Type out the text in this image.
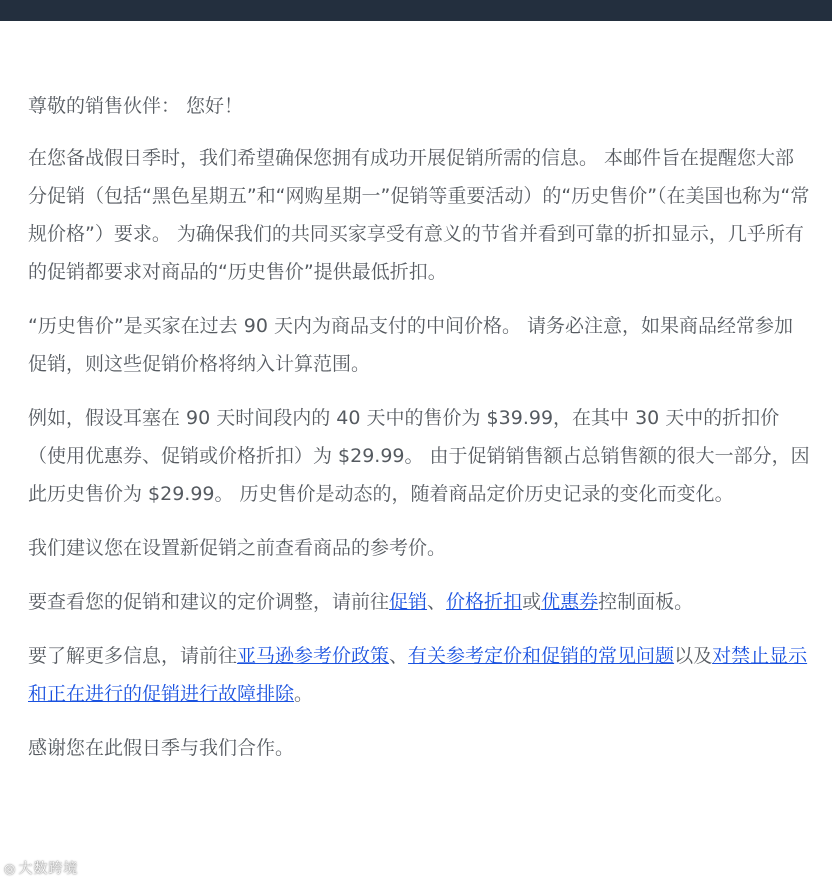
尊敬的销售伙伴： 您好！

在您备战假日季时，我们希望确保您拥有成功开展促销所需的信息。 本邮件旨在提醒您大部分促销（包括“黑色星期五”和“网购星期一”促销等重要活动）的“历史售价”（在美国也称为“常规价格”）要求。 为确保我们的共同买家享受有意义的节省并看到可靠的折扣显示，几乎所有的促销都要求对商品的“历史售价”提供最低折扣。

“历史售价”是买家在过去 90 天内为商品支付的中间价格。 请务必注意，如果商品经常参加促销，则这些促销价格将纳入计算范围。

例如，假设耳塞在 90 天时间段内的 40 天中的售价为 $39.99，在其中 30 天中的折扣价（使用优惠券、促销或价格折扣）为 $29.99。 由于促销销售额占总销售额的很大一部分，因此历史售价为 $29.99。 历史售价是动态的，随着商品定价历史记录的变化而变化。

我们建议您在设置新促销之前查看商品的参考价。

要查看您的促销和建议的定价调整，请前往促销、价格折扣或优惠券控制面板。

要了解更多信息，请前往亚马逊参考价政策、有关参考定价和促销的常见问题以及对禁止显示和正在进行的促销进行故障排除。

感谢您在此假日季与我们合作。

◎ 大数跨境
